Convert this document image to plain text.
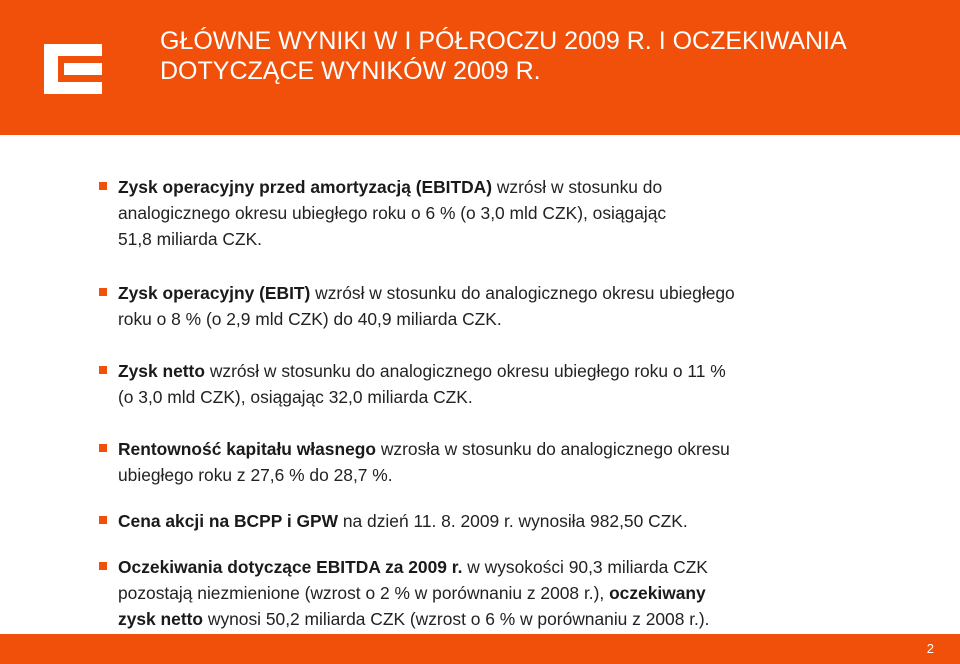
GŁÓWNE WYNIKI W I PÓŁROCZU 2009 R. I OCZEKIWANIA
DOTYCZĄCE WYNIKÓW 2009 R.
Zysk operacyjny przed amortyzacją (EBITDA) wzrósł w stosunku do
analogicznego okresu ubiegłego roku o 6 % (o 3,0 mld CZK), osiągając
51,8 miliarda CZK.
Zysk operacyjny (EBIT) wzrósł w stosunku do analogicznego okresu ubiegłego
roku o 8 % (o 2,9 mld CZK) do 40,9 miliarda CZK.
Zysk netto wzrósł w stosunku do analogicznego okresu ubiegłego roku o 11 %
(o 3,0 mld CZK), osiągając 32,0 miliarda CZK.
Rentowność kapitału własnego wzrosła w stosunku do analogicznego okresu
ubiegłego roku z 27,6 % do 28,7 %.
Cena akcji na BCPP i GPW na dzień 11. 8. 2009 r. wynosiła 982,50 CZK.
Oczekiwania dotyczące EBITDA za 2009 r. w wysokości 90,3 miliarda CZK
pozostają niezmienione (wzrost o 2 % w porównaniu z 2008 r.), oczekiwany
zysk netto wynosi 50,2 miliarda CZK (wzrost o 6 % w porównaniu z 2008 r.).
2
